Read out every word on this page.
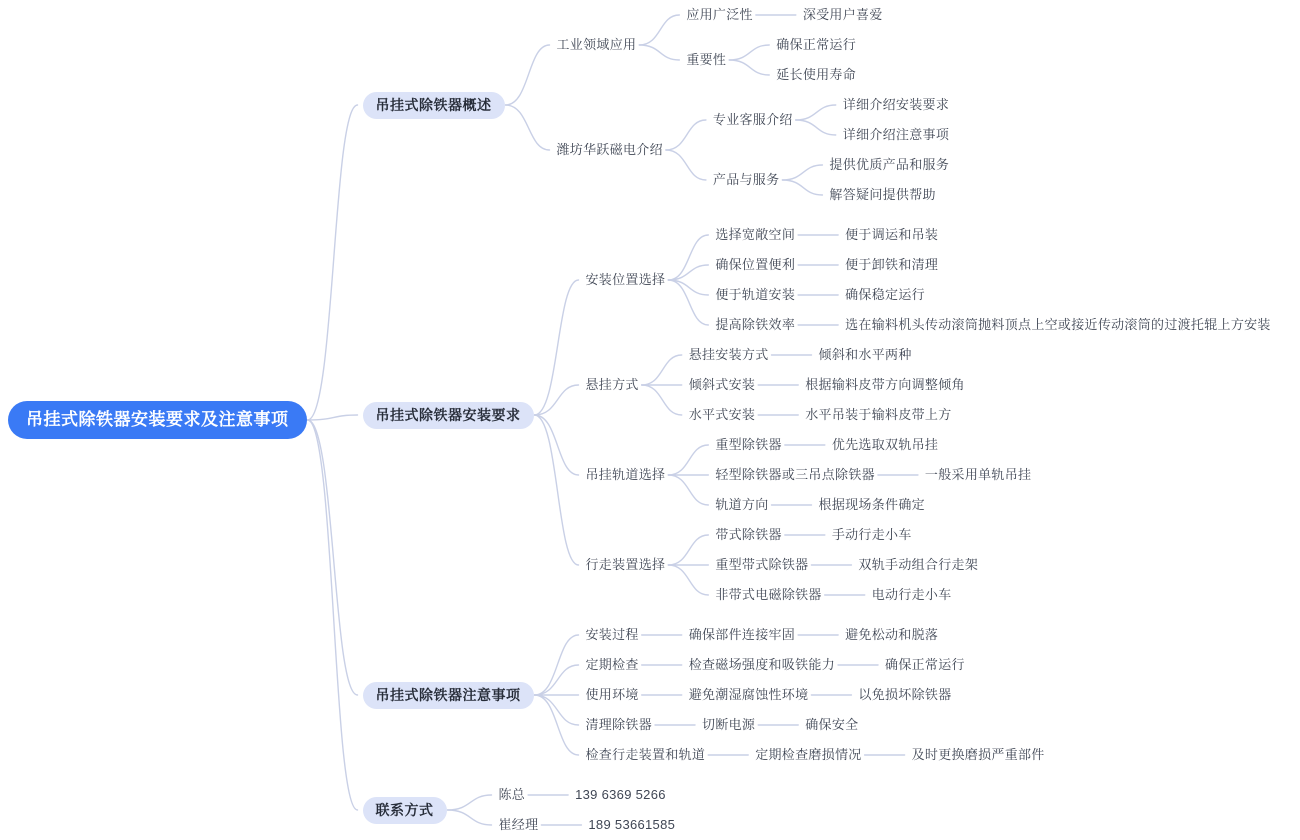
吊挂式除铁器安装要求及注意事项
吊挂式除铁器概述
工业领域应用
应用广泛性	深受用户喜爱
重要性
确保正常运行
延长使用寿命
潍坊华跃磁电介绍
专业客服介绍
详细介绍安装要求
详细介绍注意事项
产品与服务
提供优质产品和服务
解答疑问提供帮助
吊挂式除铁器安装要求
安装位置选择
选择宽敞空间	便于调运和吊装
确保位置便利	便于卸铁和清理
便于轨道安装	确保稳定运行
提高除铁效率	选在输料机头传动滚筒抛料顶点上空或接近传动滚筒的过渡托辊上方安装
悬挂方式
悬挂安装方式	倾斜和水平两种
倾斜式安装	根据输料皮带方向调整倾角
水平式安装	水平吊装于输料皮带上方
吊挂轨道选择
重型除铁器	优先选取双轨吊挂
轻型除铁器或三吊点除铁器	一般采用单轨吊挂
轨道方向	根据现场条件确定
行走装置选择
带式除铁器	手动行走小车
重型带式除铁器	双轨手动组合行走架
非带式电磁除铁器	电动行走小车
吊挂式除铁器注意事项
安装过程	确保部件连接牢固	避免松动和脱落
定期检查	检查磁场强度和吸铁能力	确保正常运行
使用环境	避免潮湿腐蚀性环境	以免损坏除铁器
清理除铁器	切断电源	确保安全
检查行走装置和轨道	定期检查磨损情况	及时更换磨损严重部件
联系方式
陈总	139 6369 5266
崔经理	189 53661585
